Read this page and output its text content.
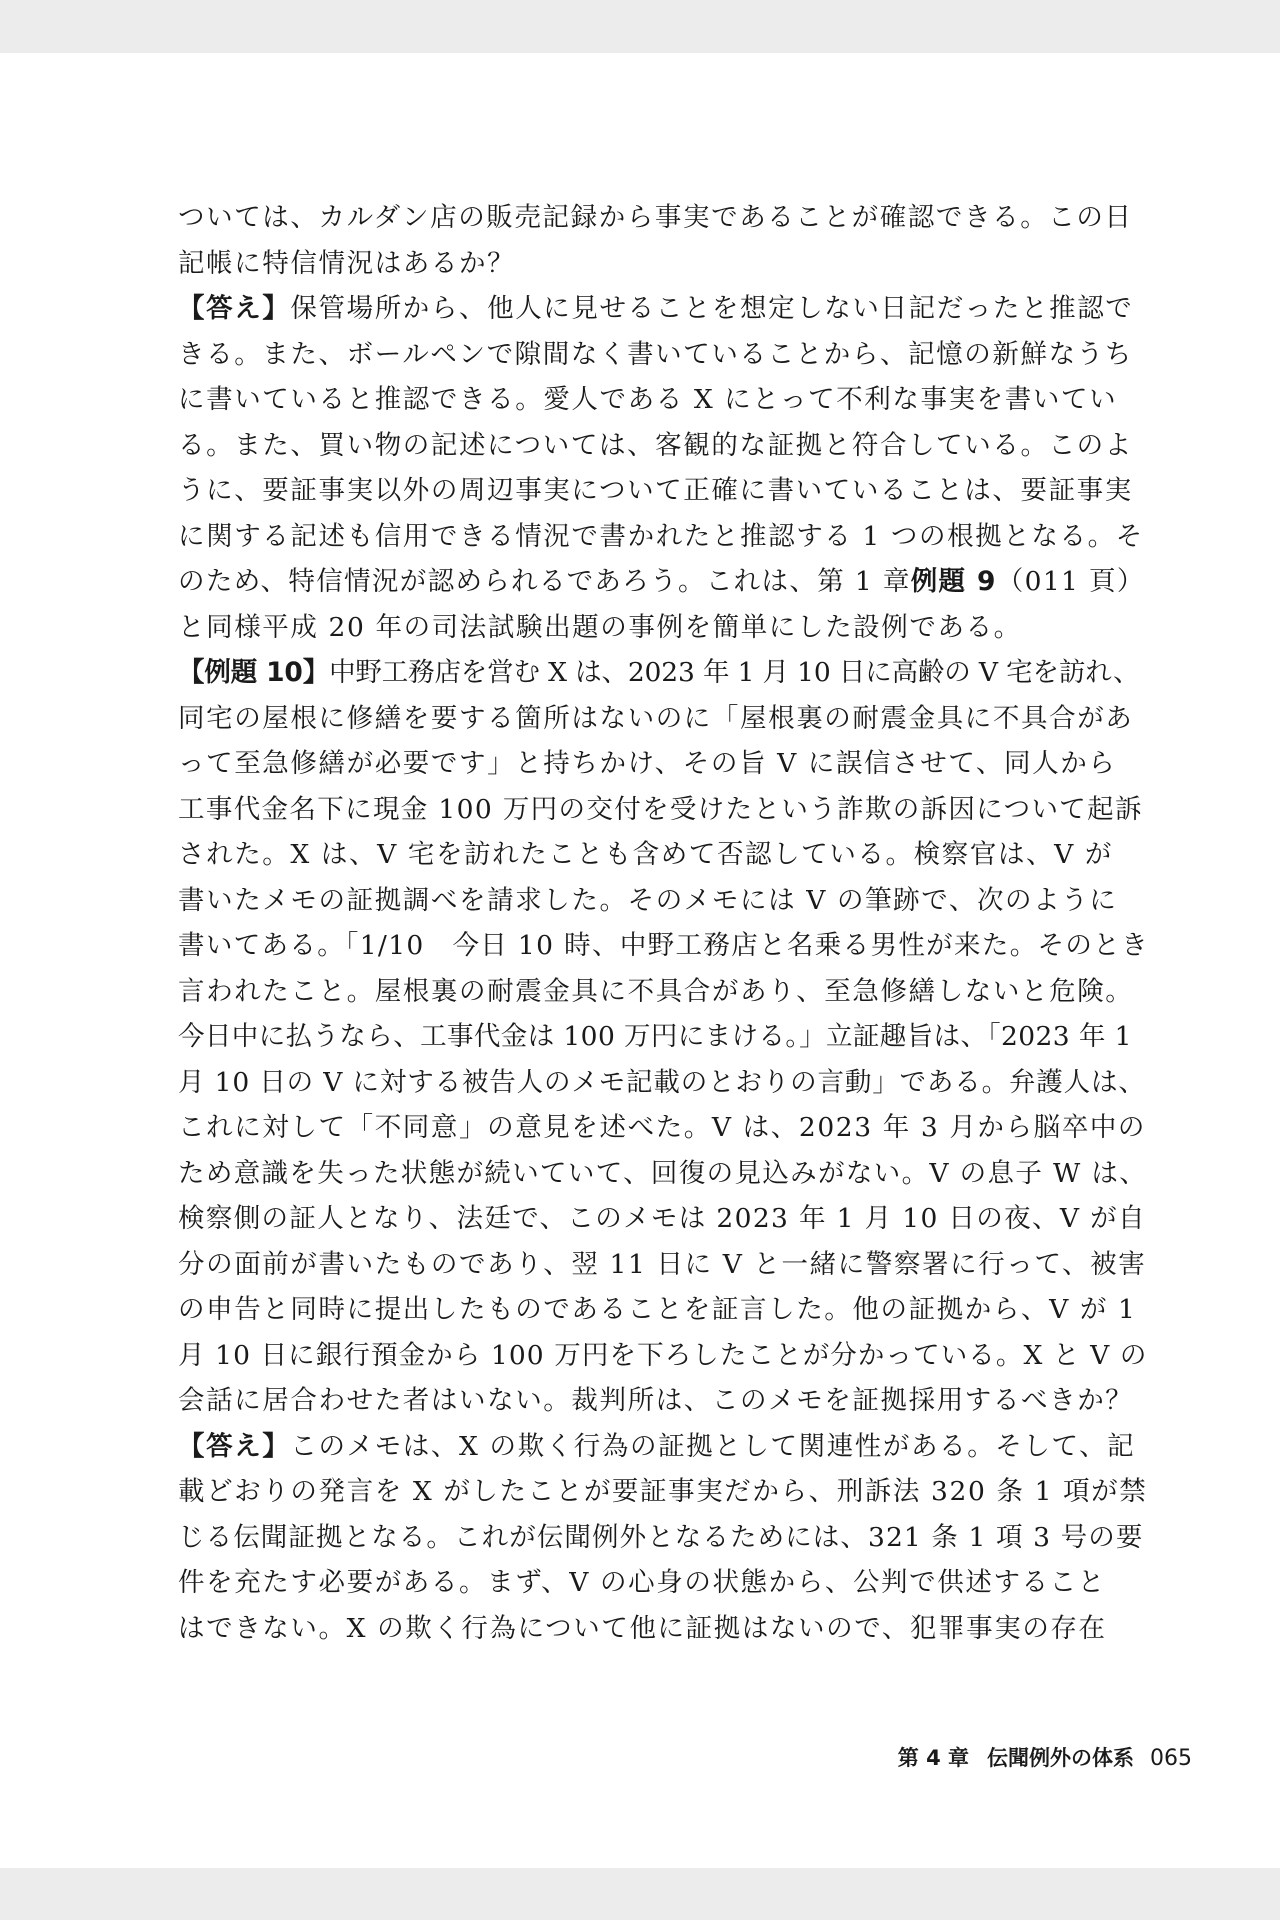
ついては、カルダン店の販売記録から事実であることが確認できる。この日
記帳に特信情況はあるか？
【答え】保管場所から、他人に見せることを想定しない日記だったと推認で
きる。また、ボールペンで隙間なく書いていることから、記憶の新鮮なうち
に書いていると推認できる。愛人である X にとって不利な事実を書いてい
る。また、買い物の記述については、客観的な証拠と符合している。このよ
うに、要証事実以外の周辺事実について正確に書いていることは、要証事実
に関する記述も信用できる情況で書かれたと推認する 1 つの根拠となる。そ
のため、特信情況が認められるであろう。これは、第 1 章例題 9（011 頁）
と同様平成 20 年の司法試験出題の事例を簡単にした設例である。
【例題 10】中野工務店を営む X は、2023 年 1 月 10 日に高齢の V 宅を訪れ、
同宅の屋根に修繕を要する箇所はないのに「屋根裏の耐震金具に不具合があ
って至急修繕が必要です」と持ちかけ、その旨 V に誤信させて、同人から
工事代金名下に現金 100 万円の交付を受けたという詐欺の訴因について起訴
された。X は、V 宅を訪れたことも含めて否認している。検察官は、V が
書いたメモの証拠調べを請求した。そのメモには V の筆跡で、次のように
書いてある。「1/10　今日 10 時、中野工務店と名乗る男性が来た。そのとき
言われたこと。屋根裏の耐震金具に不具合があり、至急修繕しないと危険。
今日中に払うなら、工事代金は 100 万円にまける。」立証趣旨は、「2023 年 1
月 10 日の V に対する被告人のメモ記載のとおりの言動」である。弁護人は、
これに対して「不同意」の意見を述べた。V は、2023 年 3 月から脳卒中の
ため意識を失った状態が続いていて、回復の見込みがない。V の息子 W は、
検察側の証人となり、法廷で、このメモは 2023 年 1 月 10 日の夜、V が自
分の面前が書いたものであり、翌 11 日に V と一緒に警察署に行って、被害
の申告と同時に提出したものであることを証言した。他の証拠から、V が 1
月 10 日に銀行預金から 100 万円を下ろしたことが分かっている。X と V の
会話に居合わせた者はいない。裁判所は、このメモを証拠採用するべきか？
【答え】このメモは、X の欺く行為の証拠として関連性がある。そして、記
載どおりの発言を X がしたことが要証事実だから、刑訴法 320 条 1 項が禁
じる伝聞証拠となる。これが伝聞例外となるためには、321 条 1 項 3 号の要
件を充たす必要がある。まず、V の心身の状態から、公判で供述すること
はできない。X の欺く行為について他に証拠はないので、犯罪事実の存在
第 4 章 伝聞例外の体系 065
